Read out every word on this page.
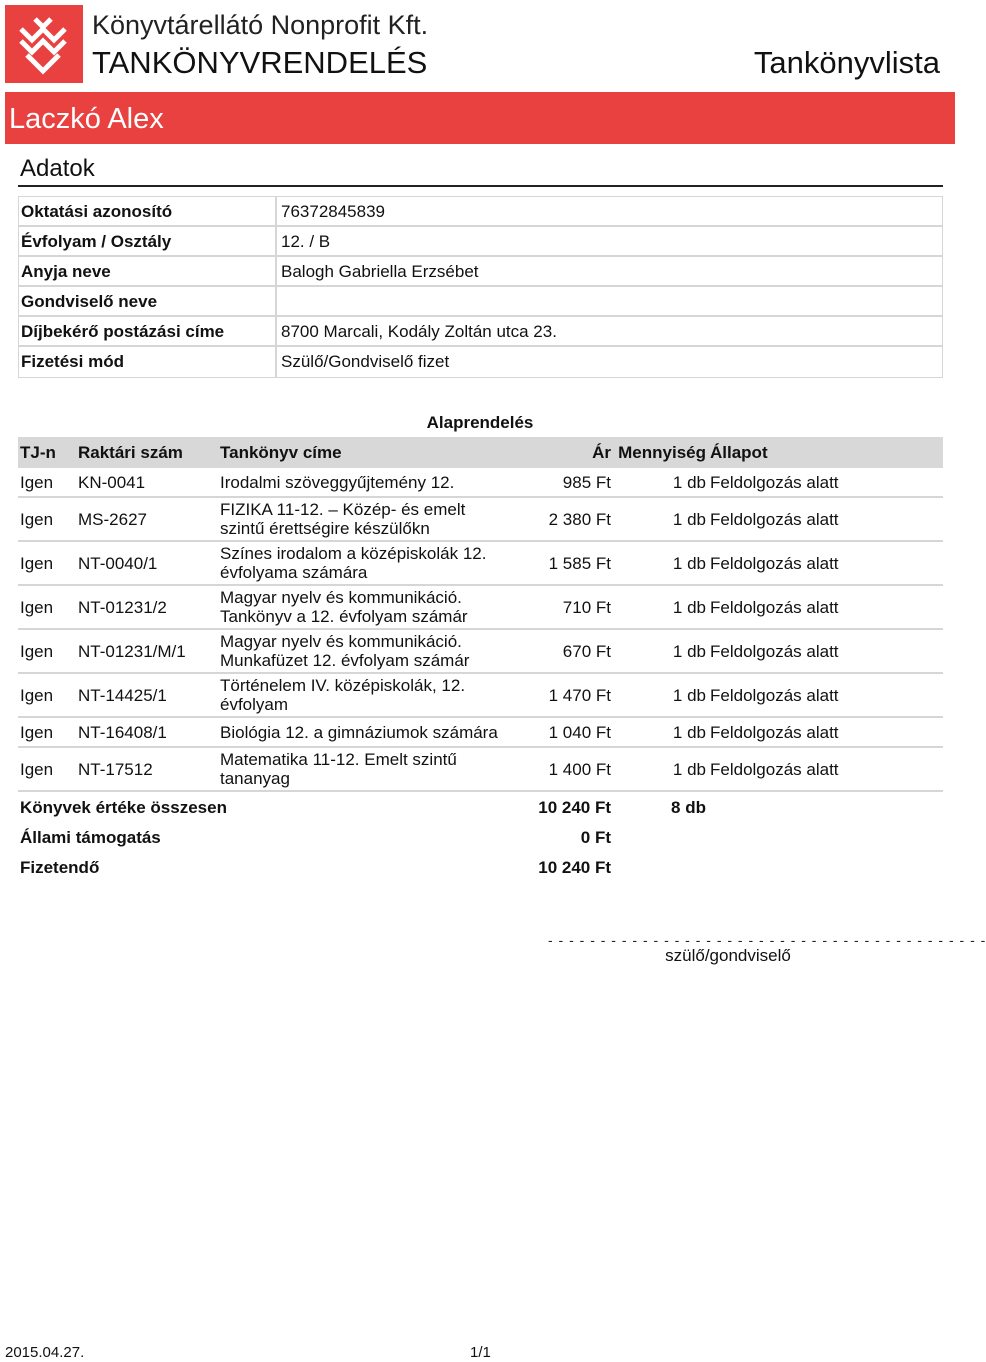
Könyvtárellátó Nonprofit Kft.
TANKÖNYVRENDELÉS	Tankönyvlista
Laczkó Alex
Adatok
Oktatási azonosító	76372845839
Évfolyam / Osztály	12. / B
Anyja neve	Balogh Gabriella Erzsébet
Gondviselő neve
Díjbekérő postázási címe	8700 Marcali, Kodály Zoltán utca 23.
Fizetési mód	Szülő/Gondviselő fizet
Alaprendelés
TJ-n	Raktári szám	Tankönyv címe	Ár Mennyiség Állapot
Igen	KN-0041	Irodalmi szöveggyűjtemény 12.	985 Ft	1 db Feldolgozás alatt
Igen	MS-2627	FIZIKA 11-12. – Közép- és emelt szintű érettségire készülőkn	2 380 Ft	1 db Feldolgozás alatt
Igen	NT-0040/1	Színes irodalom a középiskolák 12. évfolyama számára	1 585 Ft	1 db Feldolgozás alatt
Igen	NT-01231/2	Magyar nyelv és kommunikáció. Tankönyv a 12. évfolyam számár	710 Ft	1 db Feldolgozás alatt
Igen	NT-01231/M/1	Magyar nyelv és kommunikáció. Munkafüzet 12. évfolyam számár	670 Ft	1 db Feldolgozás alatt
Igen	NT-14425/1	Történelem IV. középiskolák, 12. évfolyam	1 470 Ft	1 db Feldolgozás alatt
Igen	NT-16408/1	Biológia 12. a gimnáziumok számára	1 040 Ft	1 db Feldolgozás alatt
Igen	NT-17512	Matematika 11-12. Emelt szintű tananyag	1 400 Ft	1 db Feldolgozás alatt
Könyvek értéke összesen	10 240 Ft	8 db
Állami támogatás	0 Ft
Fizetendő	10 240 Ft
- - - - - - - - - - - - - - - - - - - - - - - - - - - - - - - - - - - - - - - - - -
szülő/gondviselő
2015.04.27.	1/1
